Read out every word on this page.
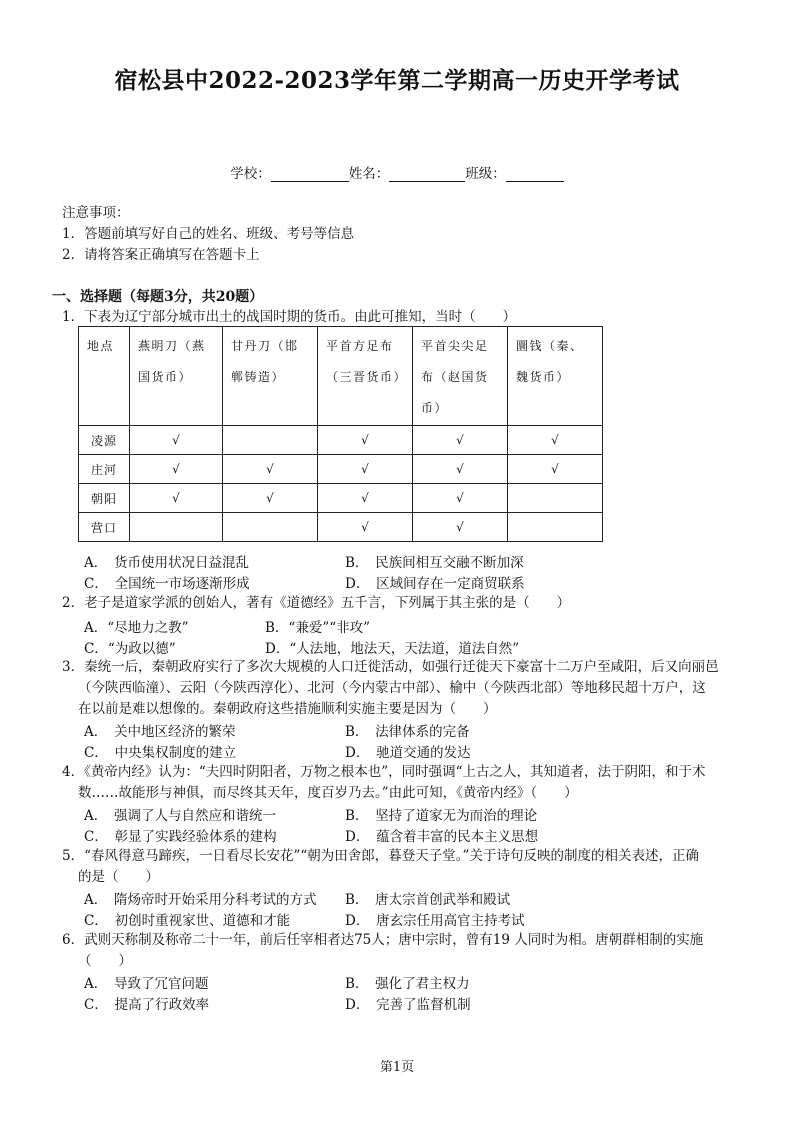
宿松县中2022-2023学年第二学期高一历史开学考试
学校：	姓名：	班级：
注意事项：
1．答题前填写好自己的姓名、班级、考号等信息
2．请将答案正确填写在答题卡上
一、选择题（每题3分，共20题）
1．下表为辽宁部分城市出土的战国时期的货币。由此可推知，当时（　　）
地点	燕明刀（燕国货币）	甘丹刀（邯郸铸造）	平首方足布（三晋货币）	平首尖尖足布（赵国货币）	圜钱（秦、魏货币）
凌源	√		√	√	√
庄河	√	√	√	√	√
朝阳	√	√	√	√	
营口			√	√	
A．　货币使用状况日益混乱	B．　民族间相互交融不断加深
C．　全国统一市场逐渐形成	D．　区域间存在一定商贸联系
2．老子是道家学派的创始人，著有《道德经》五千言，下列属于其主张的是（　　）
A．“尽地力之教”	B．“兼爱”“非攻”
C．“为政以德”	D．“人法地，地法天，天法道，道法自然”
3．秦统一后，秦朝政府实行了多次大规模的人口迁徙活动，如强行迁徙天下豪富十二万户至咸阳，后又向丽邑
（今陕西临潼）、云阳（今陕西淳化）、北河（今内蒙古中部）、榆中（今陕西北部）等地移民超十万户，这
在以前是难以想像的。秦朝政府这些措施顺利实施主要是因为（　　）
A．　关中地区经济的繁荣	B．　法律体系的完备
C．　中央集权制度的建立	D．　驰道交通的发达
4．《黄帝内经》认为：“夫四时阴阳者，万物之根本也”，同时强调“上古之人，其知道者，法于阴阳，和于术
数……故能形与神俱，而尽终其天年，度百岁乃去。”由此可知，《黄帝内经》（　　）
A．　强调了人与自然应和谐统一	B．　坚持了道家无为而治的理论
C．　彰显了实践经验体系的建构	D．　蕴含着丰富的民本主义思想
5．“春风得意马蹄疾，一日看尽长安花”“朝为田舍郎，暮登天子堂。”关于诗句反映的制度的相关表述，正确
的是（　　）
A．　隋炀帝时开始采用分科考试的方式 B．　唐太宗首创武举和殿试
C．　初创时重视家世、道德和才能	D．　唐玄宗任用高官主持考试
6．武则天称制及称帝二十一年，前后任宰相者达75人；唐中宗时，曾有19 人同时为相。唐朝群相制的实施
（　　）
A．　导致了冗官问题	B．　强化了君主权力
C．　提高了行政效率	D．　完善了监督机制
第1页
